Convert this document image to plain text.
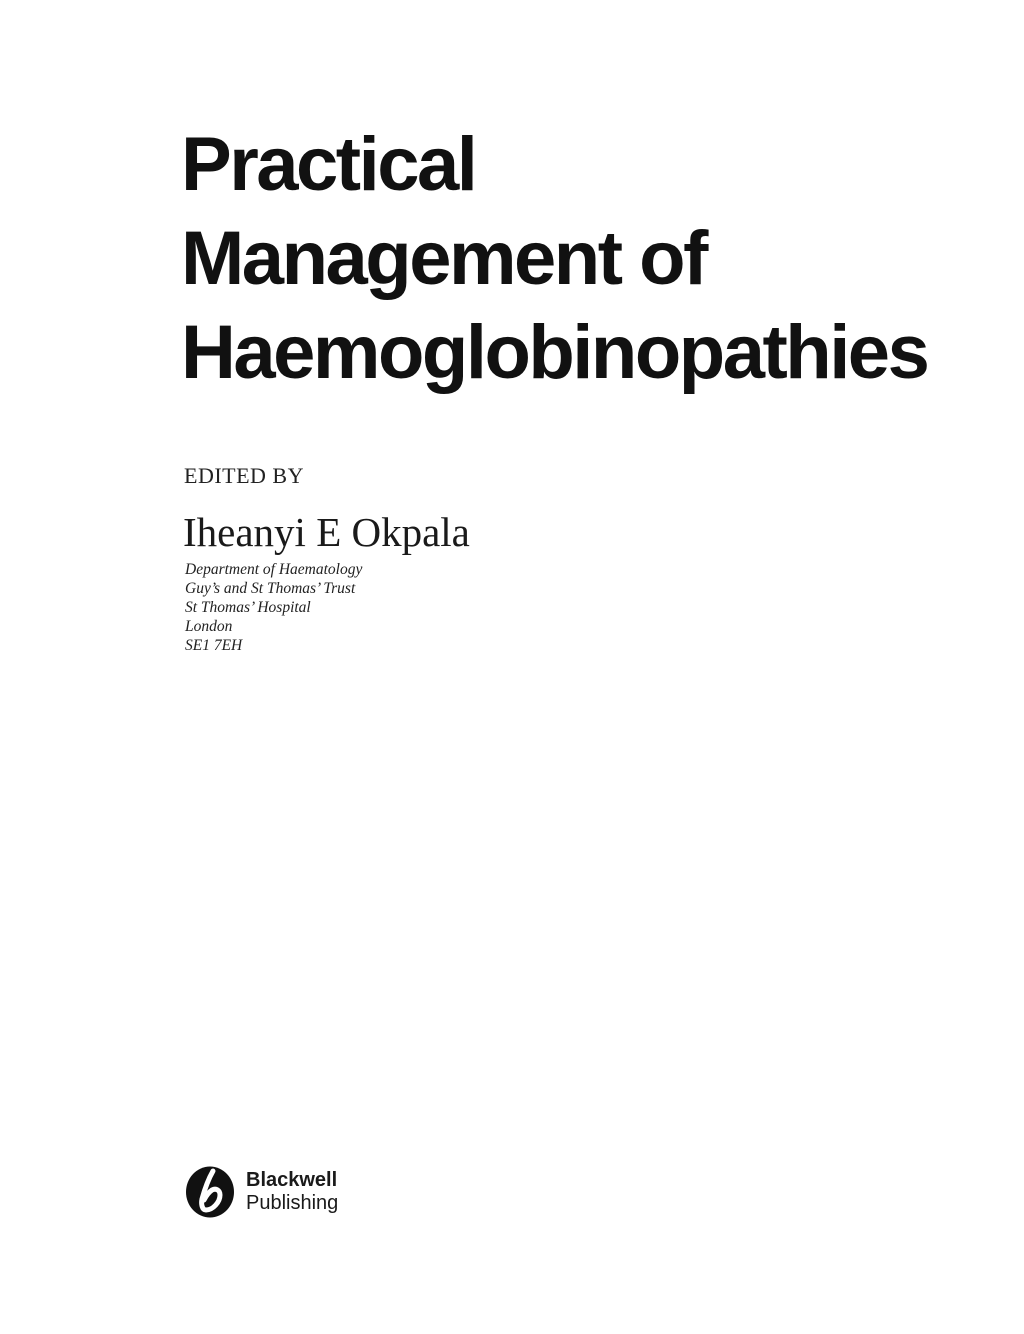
Practical
Management of
Haemoglobinopathies
EDITED BY
Iheanyi E Okpala
Department of Haematology
Guy’s and St Thomas’ Trust
St Thomas’ Hospital
London
SE1 7EH
Blackwell
Publishing
